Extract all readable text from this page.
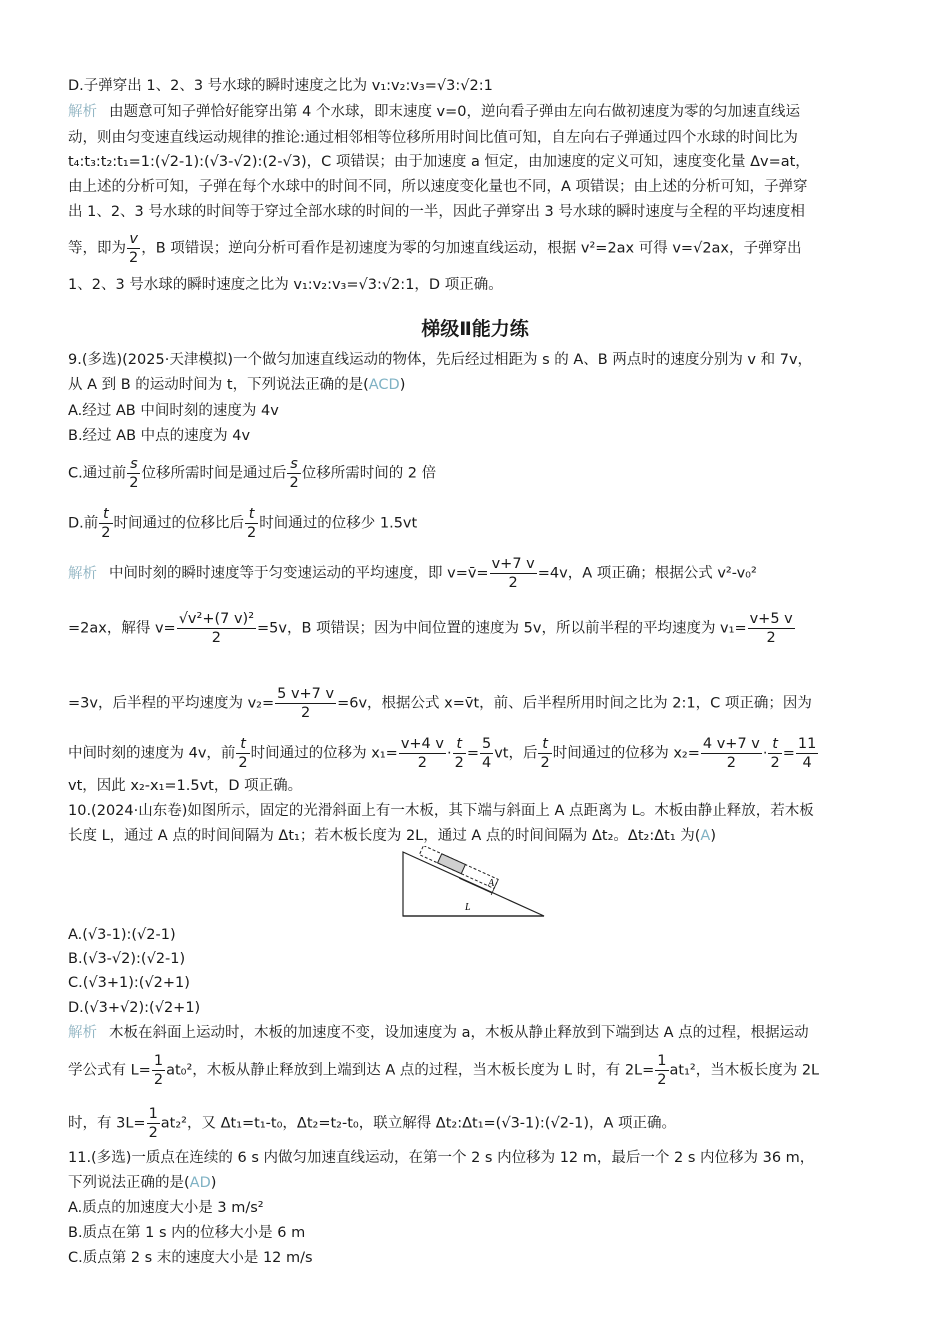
D.子弹穿出 1、2、3 号水球的瞬时速度之比为 v₁:v₂:v₃=√3:√2:1
解析 由题意可知子弹恰好能穿出第 4 个水球，即末速度 v=0，逆向看子弹由左向右做初速度为零的匀加速直线运
动，则由匀变速直线运动规律的推论:通过相邻相等位移所用时间比值可知，自左向右子弹通过四个水球的时间比为
t₄:t₃:t₂:t₁=1:(√2-1):(√3-√2):(2-√3)，C 项错误；由于加速度 a 恒定，由加速度的定义可知，速度变化量 Δv=at，
由上述的分析可知，子弹在每个水球中的时间不同，所以速度变化量也不同，A 项错误；由上述的分析可知，子弹穿
出 1、2、3 号水球的时间等于穿过全部水球的时间的一半，因此子弹穿出 3 号水球的瞬时速度与全程的平均速度相
等，即为 $\frac{v}{2}$ ，B 项错误；逆向分析可看作是初速度为零的匀加速直线运动，根据 v²=2ax 可得 v=√2ax，子弹穿出
1、2、3 号水球的瞬时速度之比为 v₁:v₂:v₃=√3:√2:1，D 项正确。
梯级Ⅱ能力练
9.(多选)(2025·天津模拟)一个做匀加速直线运动的物体，先后经过相距为 s 的 A、B 两点时的速度分别为 v 和 7v，
从 A 到 B 的运动时间为 t，下列说法正确的是(ACD)
A.经过 AB 中间时刻的速度为 4v
B.经过 AB 中点的速度为 4v
C.通过前 $\frac{s}{2}$ 位移所需时间是通过后 $\frac{s}{2}$ 位移所需时间的 2 倍
D.前 $\frac{t}{2}$ 时间通过的位移比后 $\frac{t}{2}$ 时间通过的位移少 1.5vt
解析 中间时刻的瞬时速度等于匀变速运动的平均速度，即 v=v̄= $\frac{v+7 v}{2} =4v$，A 项正确；根据公式 v²-v₀²
=2ax，解得 $v= \frac{\text{√v²+(7 v)²}}{2} =5v$，B 项错误；因为中间位置的速度为 5v，所以前半程的平均速度为 $v_1= \frac{v+5 v}{2}$
=3v，后半程的平均速度为 $v_2= \frac{5 v+7 v}{2} =6v$，根据公式 x=v̄t，前、后半程所用时间之比为 2:1，C 项正确；因为
中间时刻的速度为 4v，前 $\frac{t}{2}$ 时间通过的位移为 $x_1= \frac{v+4 v}{2} \cdot \frac{t}{2} = \frac{5}{4}$ vt，后 $\frac{t}{2}$ 时间通过的位移为 $x_2= \frac{4 v+7 v}{2} \cdot \frac{t}{2} = \frac{11}{4}$
vt，因此 x₂-x₁=1.5vt，D 项正确。
10.(2024·山东卷)如图所示，固定的光滑斜面上有一木板，其下端与斜面上 A 点距离为 L。木板由静止释放，若木板
长度 L，通过 A 点的时间间隔为 Δt₁；若木板长度为 2L，通过 A 点的时间间隔为 Δt₂。Δt₂:Δt₁ 为(A)
A
L
A.(√3-1):(√2-1)
B.(√3-√2):(√2-1)
C.(√3+1):(√2+1)
D.(√3+√2):(√2+1)
解析 木板在斜面上运动时，木板的加速度不变，设加速度为 a，木板从静止释放到下端到达 A 点的过程，根据运动
学公式有 $L= \frac{1}{2} at_0^2$，木板从静止释放到上端到达 A 点的过程，当木板长度为 L 时，有 $2L= \frac{1}{2} at_1^2$，当木板长度为 2L
时，有 $3L= \frac{1}{2} at_2^2$，又 Δt₁=t₁-t₀，Δt₂=t₂-t₀，联立解得 Δt₂:Δt₁=(√3-1):(√2-1)，A 项正确。
11.(多选)一质点在连续的 6 s 内做匀加速直线运动，在第一个 2 s 内位移为 12 m，最后一个 2 s 内位移为 36 m，
下列说法正确的是(AD)
A.质点的加速度大小是 3 m/s²
B.质点在第 1 s 内的位移大小是 6 m
C.质点第 2 s 末的速度大小是 12 m/s
